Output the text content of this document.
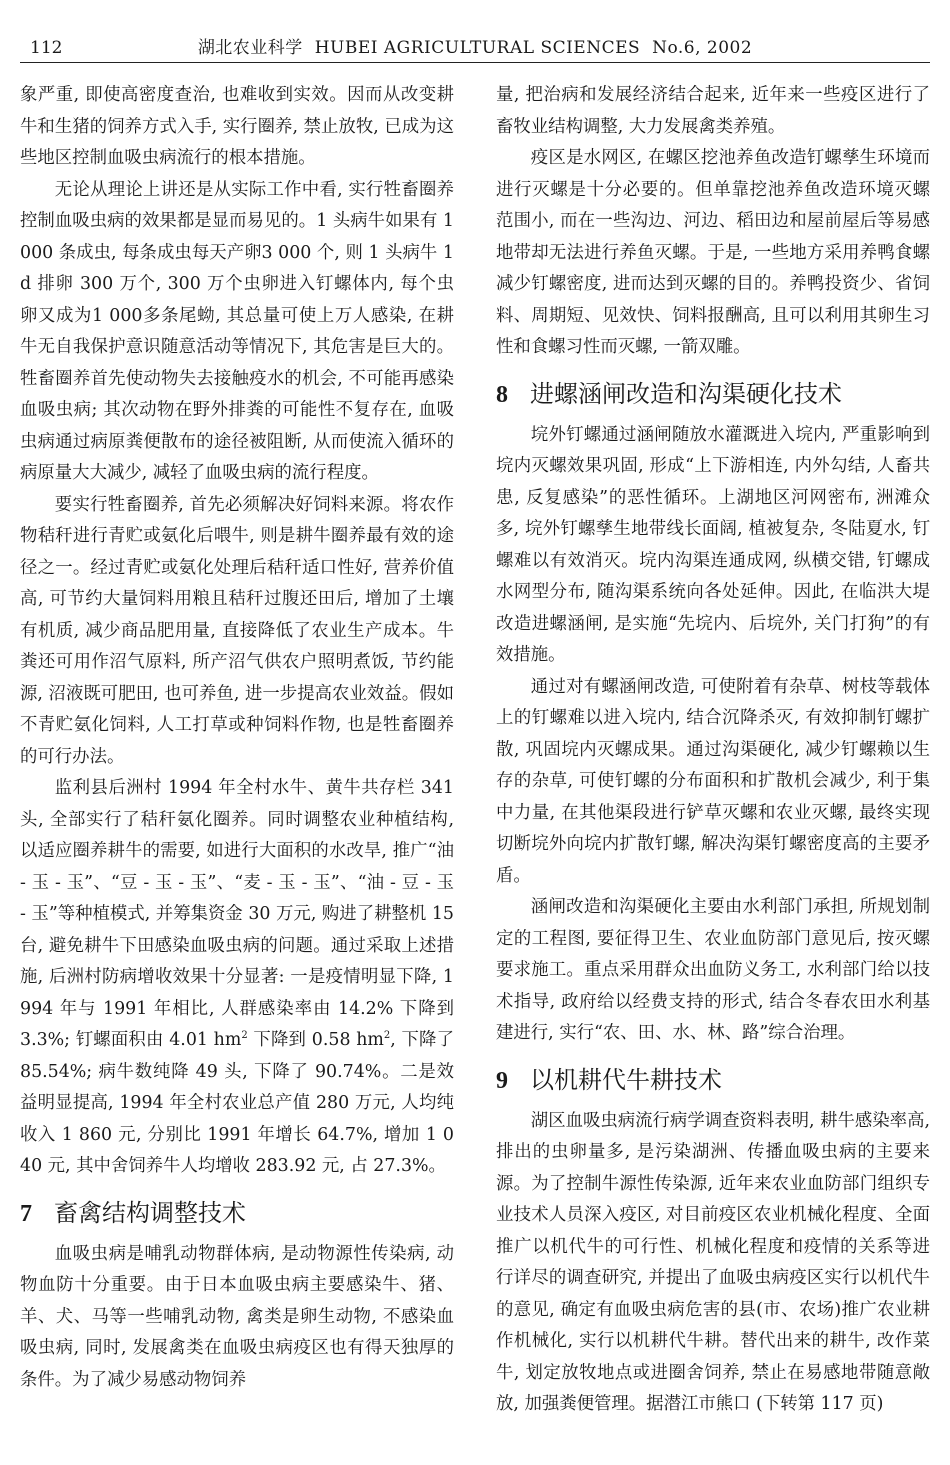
112	湖北农业科学 HUBEI AGRICULTURAL SCIENCES No.6, 2002

象严重, 即使高密度查治, 也难收到实效。因而从改变耕牛和生猪的饲养方式入手, 实行圈养, 禁止放牧, 已成为这些地区控制血吸虫病流行的根本措施。

无论从理论上讲还是从实际工作中看, 实行牲畜圈养控制血吸虫病的效果都是显而易见的。1 头病牛如果有 1 000 条成虫, 每条成虫每天产卵3 000 个, 则 1 头病牛 1 d 排卵 300 万个, 300 万个虫卵进入钉螺体内, 每个虫卵又成为1 000多条尾蚴, 其总量可使上万人感染, 在耕牛无自我保护意识随意活动等情况下, 其危害是巨大的。牲畜圈养首先使动物失去接触疫水的机会, 不可能再感染血吸虫病; 其次动物在野外排粪的可能性不复存在, 血吸虫病通过病原粪便散布的途径被阻断, 从而使流入循环的病原量大大减少, 减轻了血吸虫病的流行程度。

要实行牲畜圈养, 首先必须解决好饲料来源。将农作物秸秆进行青贮或氨化后喂牛, 则是耕牛圈养最有效的途径之一。经过青贮或氨化处理后秸秆适口性好, 营养价值高, 可节约大量饲料用粮且秸秆过腹还田后, 增加了土壤有机质, 减少商品肥用量, 直接降低了农业生产成本。牛粪还可用作沼气原料, 所产沼气供农户照明煮饭, 节约能源, 沼液既可肥田, 也可养鱼, 进一步提高农业效益。假如不青贮氨化饲料, 人工打草或种饲料作物, 也是牲畜圈养的可行办法。

监利县后洲村 1994 年全村水牛、黄牛共存栏 341 头, 全部实行了秸秆氨化圈养。同时调整农业种植结构, 以适应圈养耕牛的需要, 如进行大面积的水改旱, 推广“油 - 玉 - 玉”、“豆 - 玉 - 玉”、“麦 - 玉 - 玉”、“油 - 豆 - 玉 - 玉”等种植模式, 并筹集资金 30 万元, 购进了耕整机 15 台, 避免耕牛下田感染血吸虫病的问题。通过采取上述措施, 后洲村防病增收效果十分显著: 一是疫情明显下降, 1994 年与 1991 年相比, 人群感染率由 14.2% 下降到 3.3%; 钉螺面积由 4.01 $hm^2$ 下降到 0.58 $hm^2$, 下降了 85.54%; 病牛数纯降 49 头, 下降了 90.74%。二是效益明显提高, 1994 年全村农业总产值 280 万元, 人均纯收入 1 860 元, 分别比 1991 年增长 64.7%, 增加 1 040 元, 其中舍饲养牛人均增收 283.92 元, 占 27.3%。

7 畜禽结构调整技术

血吸虫病是哺乳动物群体病, 是动物源性传染病, 动物血防十分重要。由于日本血吸虫病主要感染牛、猪、羊、犬、马等一些哺乳动物, 禽类是卵生动物, 不感染血吸虫病, 同时, 发展禽类在血吸虫病疫区也有得天独厚的条件。为了减少易感动物饲养

量, 把治病和发展经济结合起来, 近年来一些疫区进行了畜牧业结构调整, 大力发展禽类养殖。

疫区是水网区, 在螺区挖池养鱼改造钉螺孳生环境而进行灭螺是十分必要的。但单靠挖池养鱼改造环境灭螺范围小, 而在一些沟边、河边、稻田边和屋前屋后等易感地带却无法进行养鱼灭螺。于是, 一些地方采用养鸭食螺减少钉螺密度, 进而达到灭螺的目的。养鸭投资少、省饲料、周期短、见效快、饲料报酬高, 且可以利用其卵生习性和食螺习性而灭螺, 一箭双雕。

8 进螺涵闸改造和沟渠硬化技术

垸外钉螺通过涵闸随放水灌溉进入垸内, 严重影响到垸内灭螺效果巩固, 形成“上下游相连, 内外勾结, 人畜共患, 反复感染”的恶性循环。上湖地区河网密布, 洲滩众多, 垸外钉螺孳生地带线长面阔, 植被复杂, 冬陆夏水, 钉螺难以有效消灭。垸内沟渠连通成网, 纵横交错, 钉螺成水网型分布, 随沟渠系统向各处延伸。因此, 在临洪大堤改造进螺涵闸, 是实施“先垸内、后垸外, 关门打狗”的有效措施。

通过对有螺涵闸改造, 可使附着有杂草、树枝等载体上的钉螺难以进入垸内, 结合沉降杀灭, 有效抑制钉螺扩散, 巩固垸内灭螺成果。通过沟渠硬化, 减少钉螺赖以生存的杂草, 可使钉螺的分布面积和扩散机会减少, 利于集中力量, 在其他渠段进行铲草灭螺和农业灭螺, 最终实现切断垸外向垸内扩散钉螺, 解决沟渠钉螺密度高的主要矛盾。

涵闸改造和沟渠硬化主要由水利部门承担, 所规划制定的工程图, 要征得卫生、农业血防部门意见后, 按灭螺要求施工。重点采用群众出血防义务工, 水利部门给以技术指导, 政府给以经费支持的形式, 结合冬春农田水利基建进行, 实行“农、田、水、林、路”综合治理。

9 以机耕代牛耕技术

湖区血吸虫病流行病学调查资料表明, 耕牛感染率高, 排出的虫卵量多, 是污染湖洲、传播血吸虫病的主要来源。为了控制牛源性传染源, 近年来农业血防部门组织专业技术人员深入疫区, 对目前疫区农业机械化程度、全面推广以机代牛的可行性、机械化程度和疫情的关系等进行详尽的调查研究, 并提出了血吸虫病疫区实行以机代牛的意见, 确定有血吸虫病危害的县(市、农场)推广农业耕作机械化, 实行以机耕代牛耕。替代出来的耕牛, 改作菜牛, 划定放牧地点或进圈舍饲养, 禁止在易感地带随意敞放, 加强粪便管理。据潜江市熊口 (下转第 117 页)
